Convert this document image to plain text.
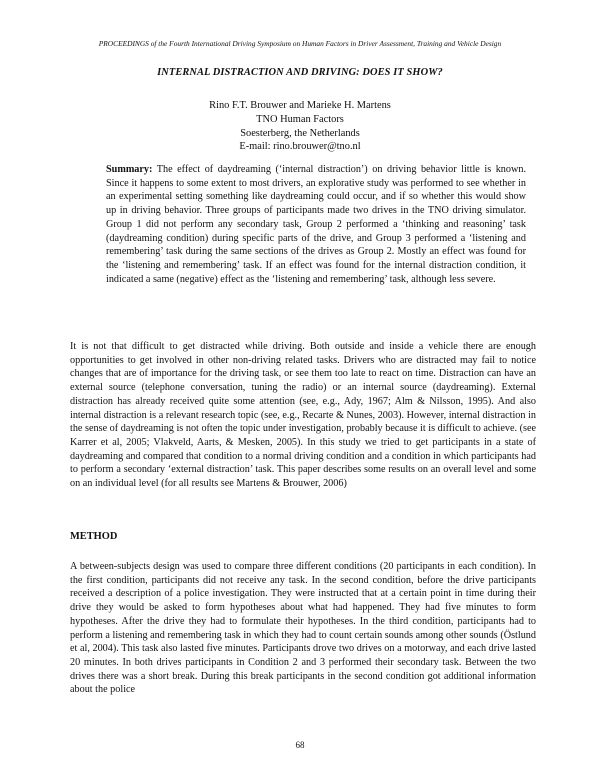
PROCEEDINGS of the Fourth International Driving Symposium on Human Factors in Driver Assessment, Training and Vehicle Design
INTERNAL DISTRACTION AND DRIVING: DOES IT SHOW?
Rino F.T. Brouwer and Marieke H. Martens
TNO Human Factors
Soesterberg, the Netherlands
E-mail: rino.brouwer@tno.nl
Summary: The effect of daydreaming (‘internal distraction’) on driving behavior little is known. Since it happens to some extent to most drivers, an explorative study was performed to see whether in an experimental setting something like daydreaming could occur, and if so whether this would show up in driving behavior. Three groups of participants made two drives in the TNO driving simulator. Group 1 did not perform any secondary task, Group 2 performed a ‘thinking and reasoning’ task (daydreaming condition) during specific parts of the drive, and Group 3 performed a ‘listening and remembering’ task during the same sections of the drives as Group 2. Mostly an effect was found for the ‘listening and remembering’ task. If an effect was found for the internal distraction condition, it indicated a same (negative) effect as the ‘listening and remembering’ task, although less severe.
It is not that difficult to get distracted while driving. Both outside and inside a vehicle there are enough opportunities to get involved in other non-driving related tasks. Drivers who are distracted may fail to notice changes that are of importance for the driving task, or see them too late to react on time. Distraction can have an external source (telephone conversation, tuning the radio) or an internal source (daydreaming). External distraction has already received quite some attention (see, e.g., Ady, 1967; Alm & Nilsson, 1995). And also internal distraction is a relevant research topic (see, e.g., Recarte & Nunes, 2003). However, internal distraction in the sense of daydreaming is not often the topic under investigation, probably because it is difficult to achieve. (see Karrer et al, 2005; Vlakveld, Aarts, & Mesken, 2005). In this study we tried to get participants in a state of daydreaming and compared that condition to a normal driving condition and a condition in which participants had to perform a secondary ‘external distraction’ task. This paper describes some results on an overall level and some on an individual level (for all results see Martens & Brouwer, 2006)
METHOD
A between-subjects design was used to compare three different conditions (20 participants in each condition). In the first condition, participants did not receive any task. In the second condition, before the drive participants received a description of a police investigation. They were instructed that at a certain point in time during their drive they would be asked to form hypotheses about what had happened. They had five minutes to form hypotheses. After the drive they had to formulate their hypotheses. In the third condition, participants had to perform a listening and remembering task in which they had to count certain sounds among other sounds (Östlund et al, 2004). This task also lasted five minutes. Participants drove two drives on a motorway, and each drive lasted 20 minutes. In both drives participants in Condition 2 and 3 performed their secondary task. Between the two drives there was a short break. During this break participants in the second condition got additional information about the police
68
